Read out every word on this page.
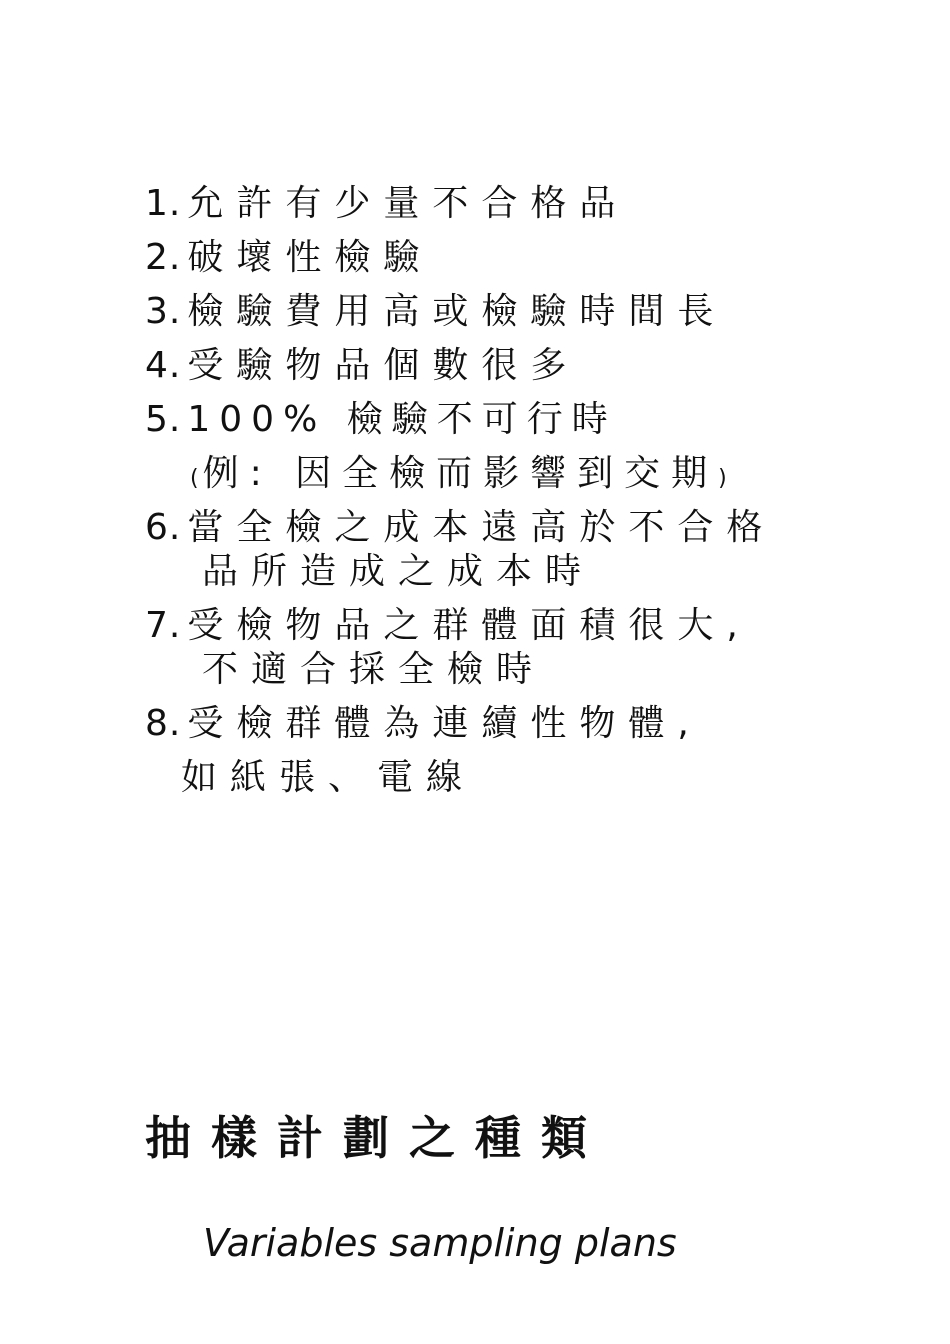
1. 允許有少量不合格品
2. 破壞性檢驗
3. 檢驗費用高或檢驗時間長
4. 受驗物品個數很多
5. 100% 檢驗不可行時
(例: 因全檢而影響到交期)
6. 當全檢之成本遠高於不合格
品所造成之成本時
7. 受檢物品之群體面積很大,
不適合採全檢時
8. 受檢群體為連續性物體,
如紙張、電線
抽樣計劃之種類
Variables sampling plans
